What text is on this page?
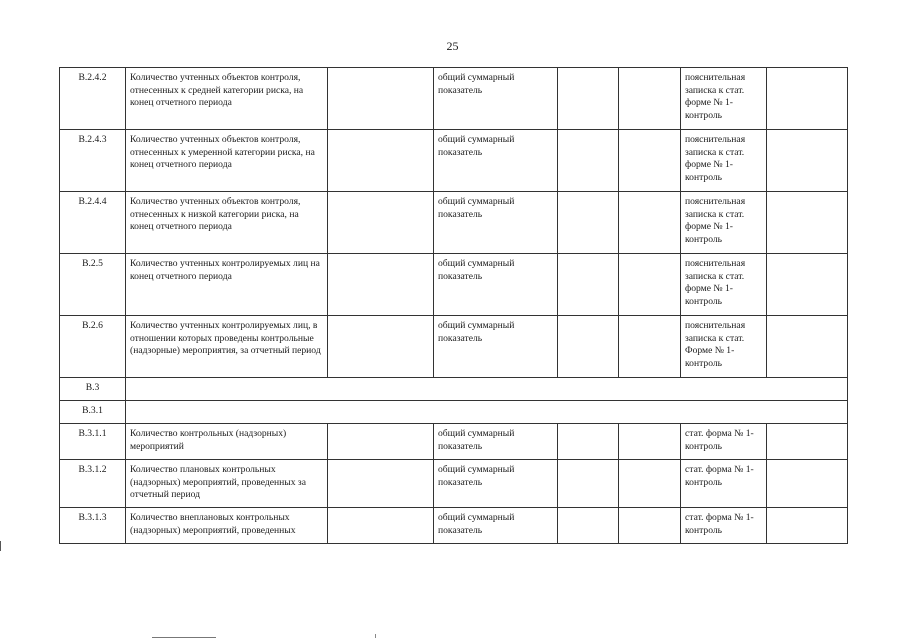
25
В.2.4.2	Количество учтенных объектов контроля, отнесенных к средней категории риска, на конец отчетного периода		общий суммарный показатель			пояснительная записка к стат. форме № 1-контроль	
В.2.4.3	Количество учтенных объектов контроля, отнесенных к умеренной категории риска, на конец отчетного периода		общий суммарный показатель			пояснительная записка к стат. форме № 1-контроль	
В.2.4.4	Количество учтенных объектов контроля, отнесенных к низкой категории риска, на конец отчетного периода		общий суммарный показатель			пояснительная записка к стат. форме № 1-контроль	
В.2.5	Количество учтенных контролируемых лиц на конец отчетного периода		общий суммарный показатель			пояснительная записка к стат. форме № 1-контроль	
В.2.6	Количество учтенных контролируемых лиц, в отношении которых проведены контрольные (надзорные) мероприятия, за отчетный период		общий суммарный показатель			пояснительная записка к стат. Форме № 1-контроль	
В.3							
В.3.1							
В.3.1.1	Количество контрольных (надзорных) мероприятий		общий суммарный показатель			стат. форма № 1-контроль	
В.3.1.2	Количество плановых контрольных (надзорных) мероприятий, проведенных за отчетный период		общий суммарный показатель			стат. форма № 1-контроль	
В.3.1.3	Количество внеплановых контрольных (надзорных) мероприятий, проведенных		общий суммарный показатель			стат. форма № 1-контроль	
